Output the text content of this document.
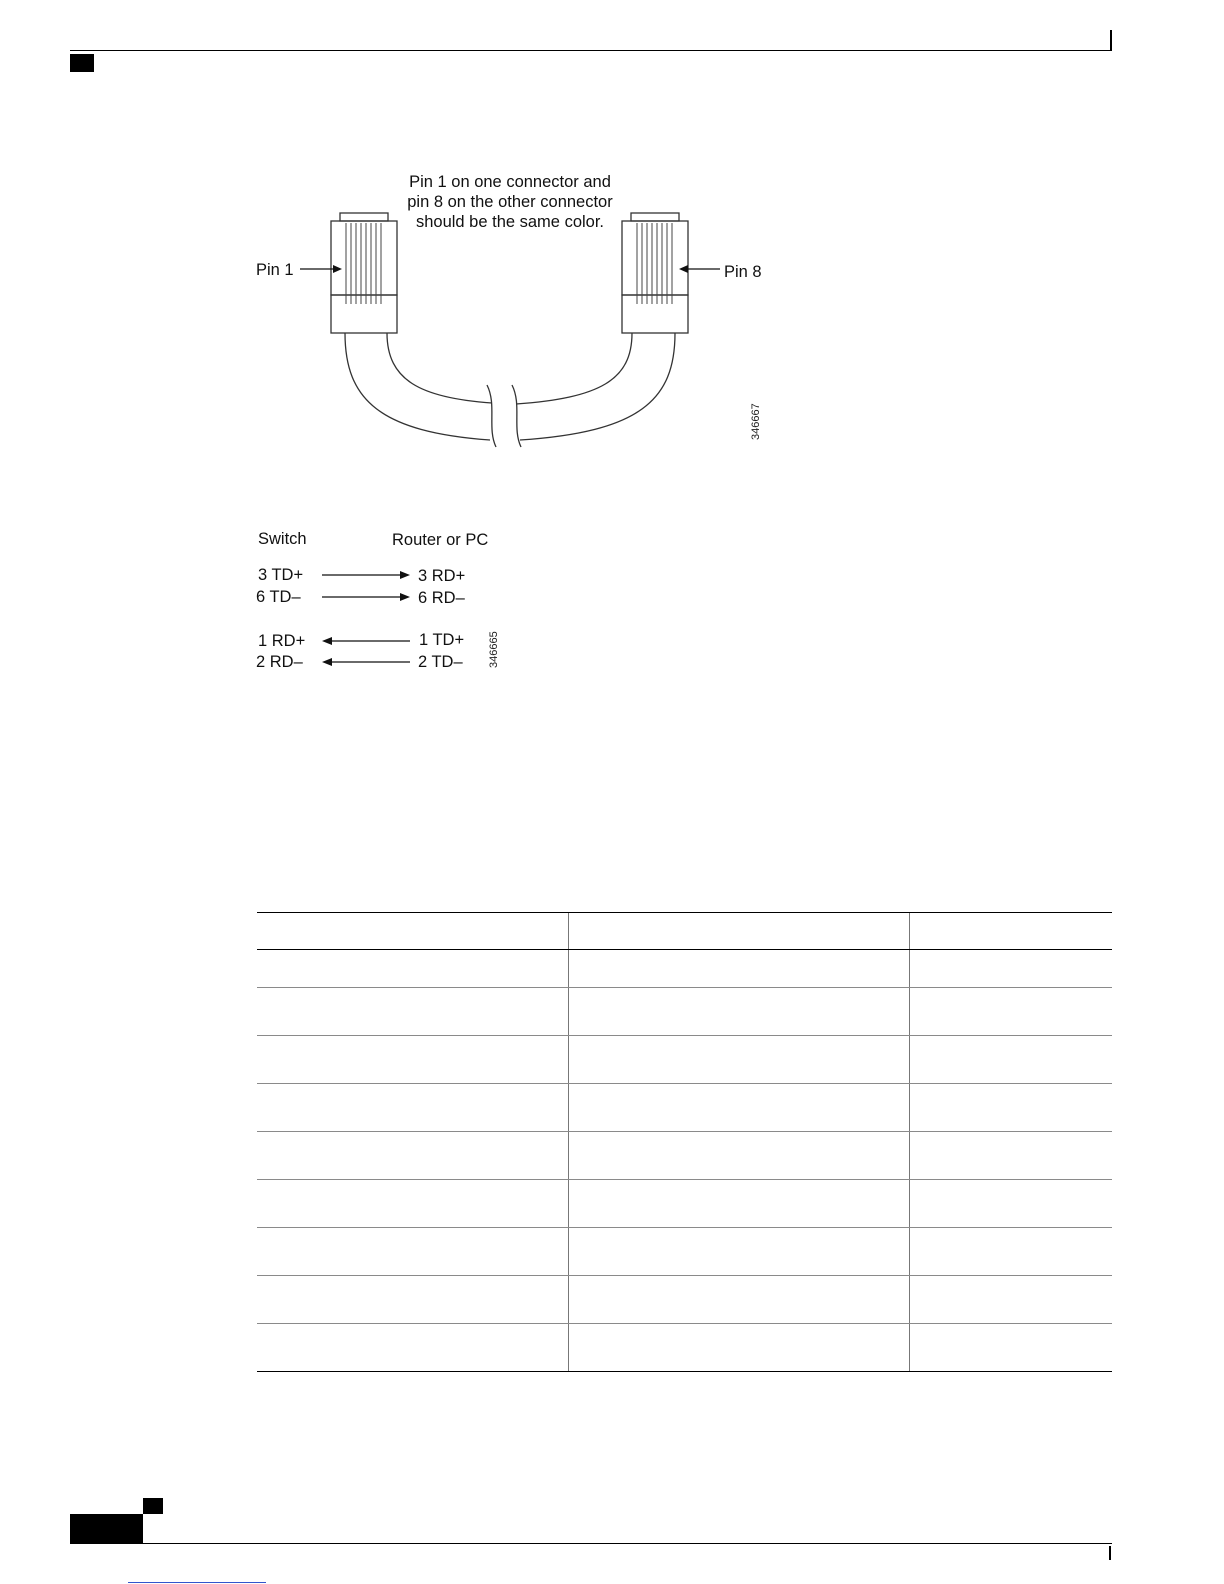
Pin 1 on one connector and
pin 8 on the other connector
should be the same color.
Pin 1	Pin 8
346667
Switch	Router or PC
3 TD+	3 RD+
6 TD–	6 RD–
1 RD+	1 TD+
2 RD–	2 TD– 346665
